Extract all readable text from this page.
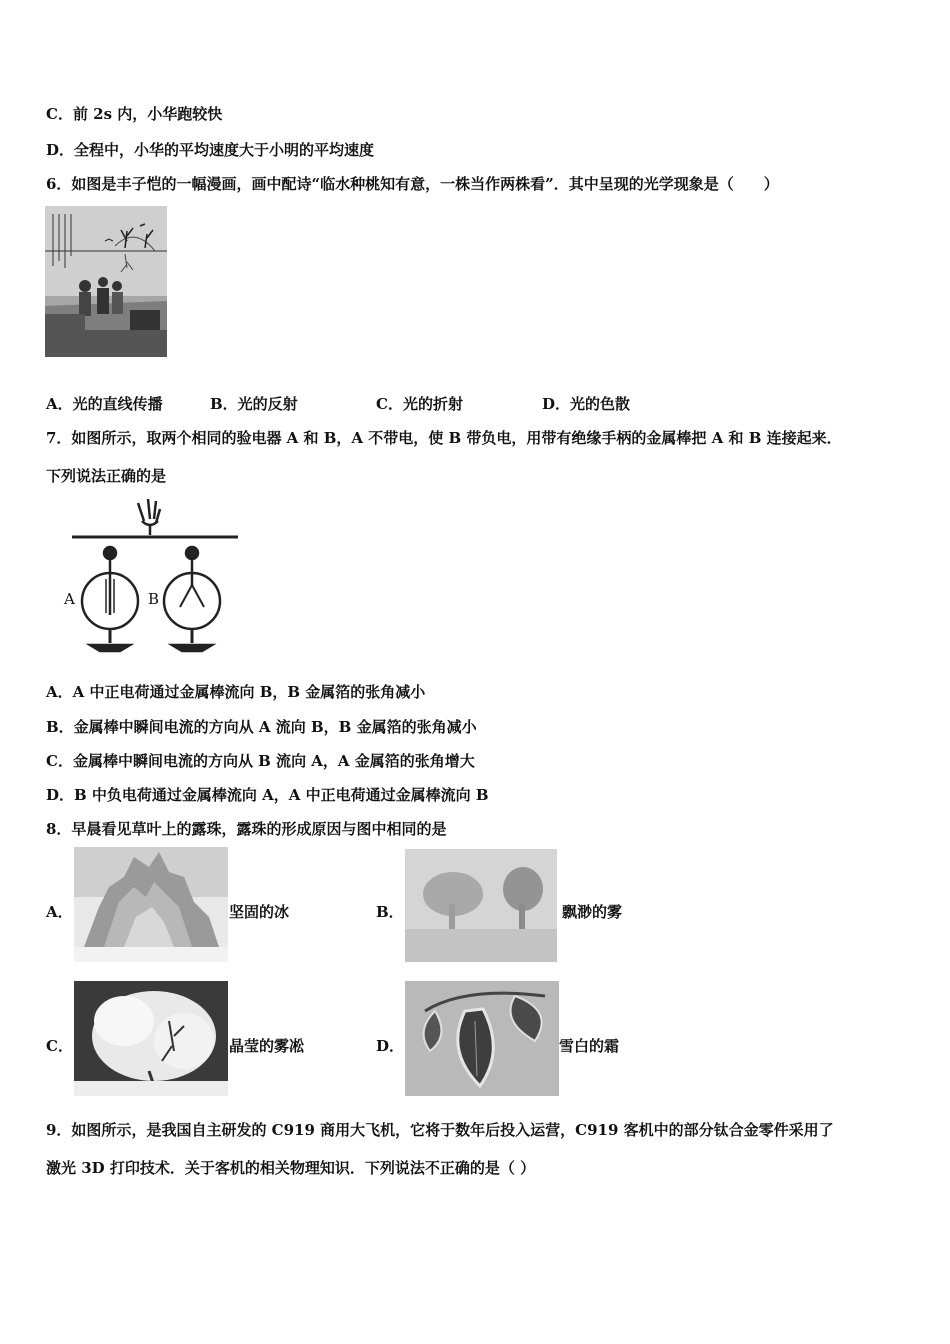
C．前 2s 内，小华跑较快
D．全程中，小华的平均速度大于小明的平均速度
6．如图是丰子恺的一幅漫画，画中配诗“临水种桃知有意，一株当作两株看”．其中呈现的光学现象是（　　）
A．光的直线传播	B．光的反射	C．光的折射	D．光的色散
7．如图所示，取两个相同的验电器 A 和 B，A 不带电，使 B 带负电，用带有绝缘手柄的金属棒把 A 和 B 连接起来．
下列说法正确的是
A	B
A．A 中正电荷通过金属棒流向 B，B 金属箔的张角减小
B．金属棒中瞬间电流的方向从 A 流向 B，B 金属箔的张角减小
C．金属棒中瞬间电流的方向从 B 流向 A，A 金属箔的张角增大
D．B 中负电荷通过金属棒流向 A，A 中正电荷通过金属棒流向 B
8．早晨看见草叶上的露珠，露珠的形成原因与图中相同的是
A．	坚固的冰	B．	飘渺的雾
C．	晶莹的雾凇	D．	雪白的霜
9．如图所示，是我国自主研发的 C919 商用大飞机，它将于数年后投入运营，C919 客机中的部分钛合金零件采用了
激光 3D 打印技术．关于客机的相关物理知识．下列说法不正确的是（ ）
